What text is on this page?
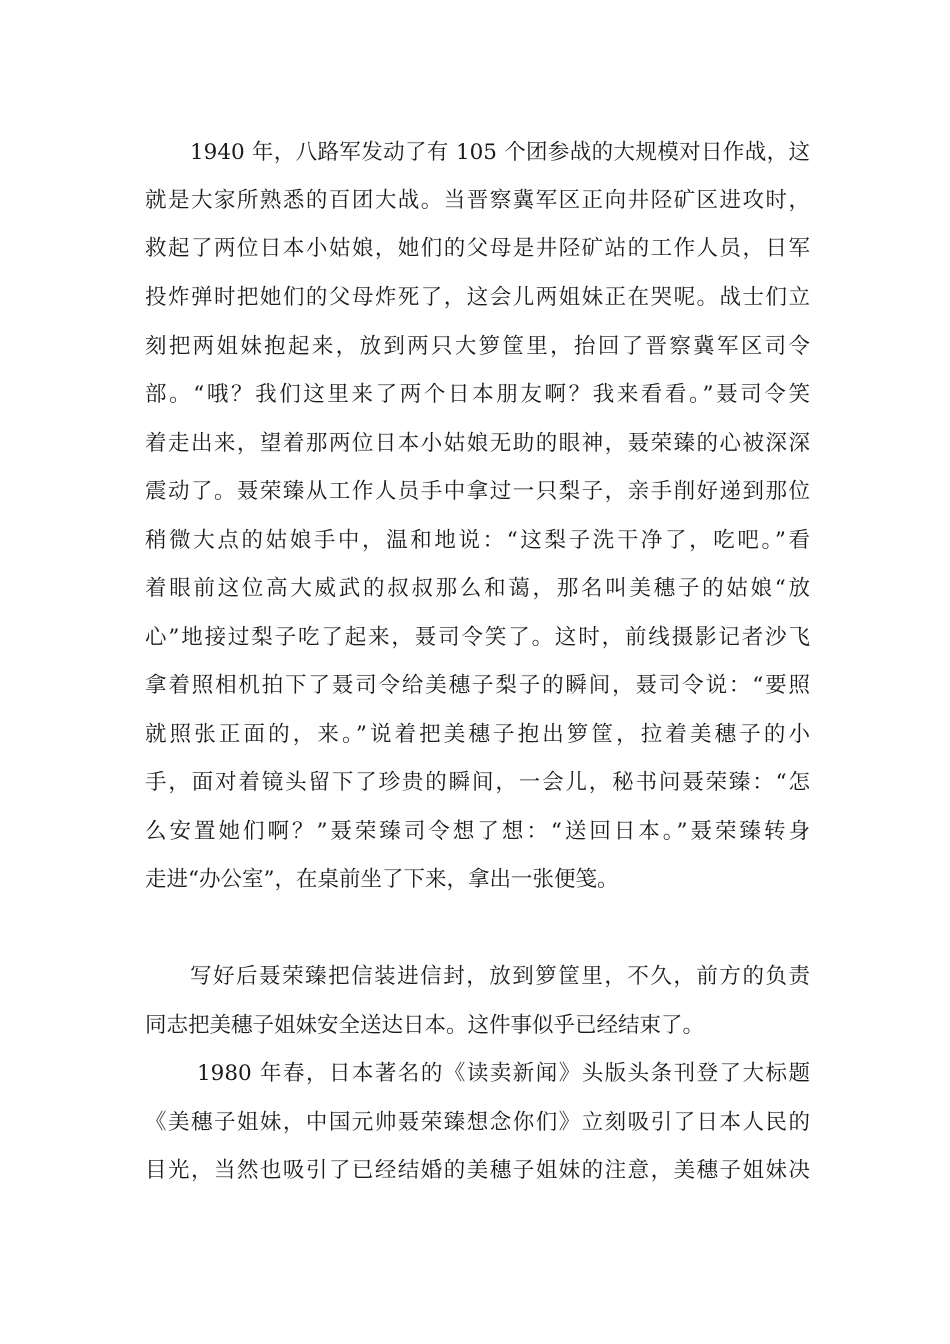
1940 年，八路军发动了有 105 个团参战的大规模对日作战，这
就是大家所熟悉的百团大战。当晋察冀军区正向井陉矿区进攻时，
救起了两位日本小姑娘，她们的父母是井陉矿站的工作人员，日军
投炸弹时把她们的父母炸死了，这会儿两姐妹正在哭呢。战士们立
刻把两姐妹抱起来，放到两只大箩筐里，抬回了晋察冀军区司令
部。“哦？我们这里来了两个日本朋友啊？我来看看。”聂司令笑
着走出来，望着那两位日本小姑娘无助的眼神，聂荣臻的心被深深
震动了。聂荣臻从工作人员手中拿过一只梨子，亲手削好递到那位
稍微大点的姑娘手中，温和地说：“这梨子洗干净了，吃吧。”看
着眼前这位高大威武的叔叔那么和蔼，那名叫美穗子的姑娘“放
心”地接过梨子吃了起来，聂司令笑了。这时，前线摄影记者沙飞
拿着照相机拍下了聂司令给美穗子梨子的瞬间，聂司令说：“要照
就照张正面的，来。”说着把美穗子抱出箩筐，拉着美穗子的小
手，面对着镜头留下了珍贵的瞬间，一会儿，秘书问聂荣臻：“怎
么安置她们啊？”聂荣臻司令想了想：“送回日本。”聂荣臻转身
走进“办公室”，在桌前坐了下来，拿出一张便笺。
写好后聂荣臻把信装进信封，放到箩筐里，不久，前方的负责
同志把美穗子姐妹安全送达日本。这件事似乎已经结束了。
1980 年春，日本著名的《读卖新闻》头版头条刊登了大标题
《美穗子姐妹，中国元帅聂荣臻想念你们》立刻吸引了日本人民的
目光，当然也吸引了已经结婚的美穗子姐妹的注意，美穗子姐妹决
